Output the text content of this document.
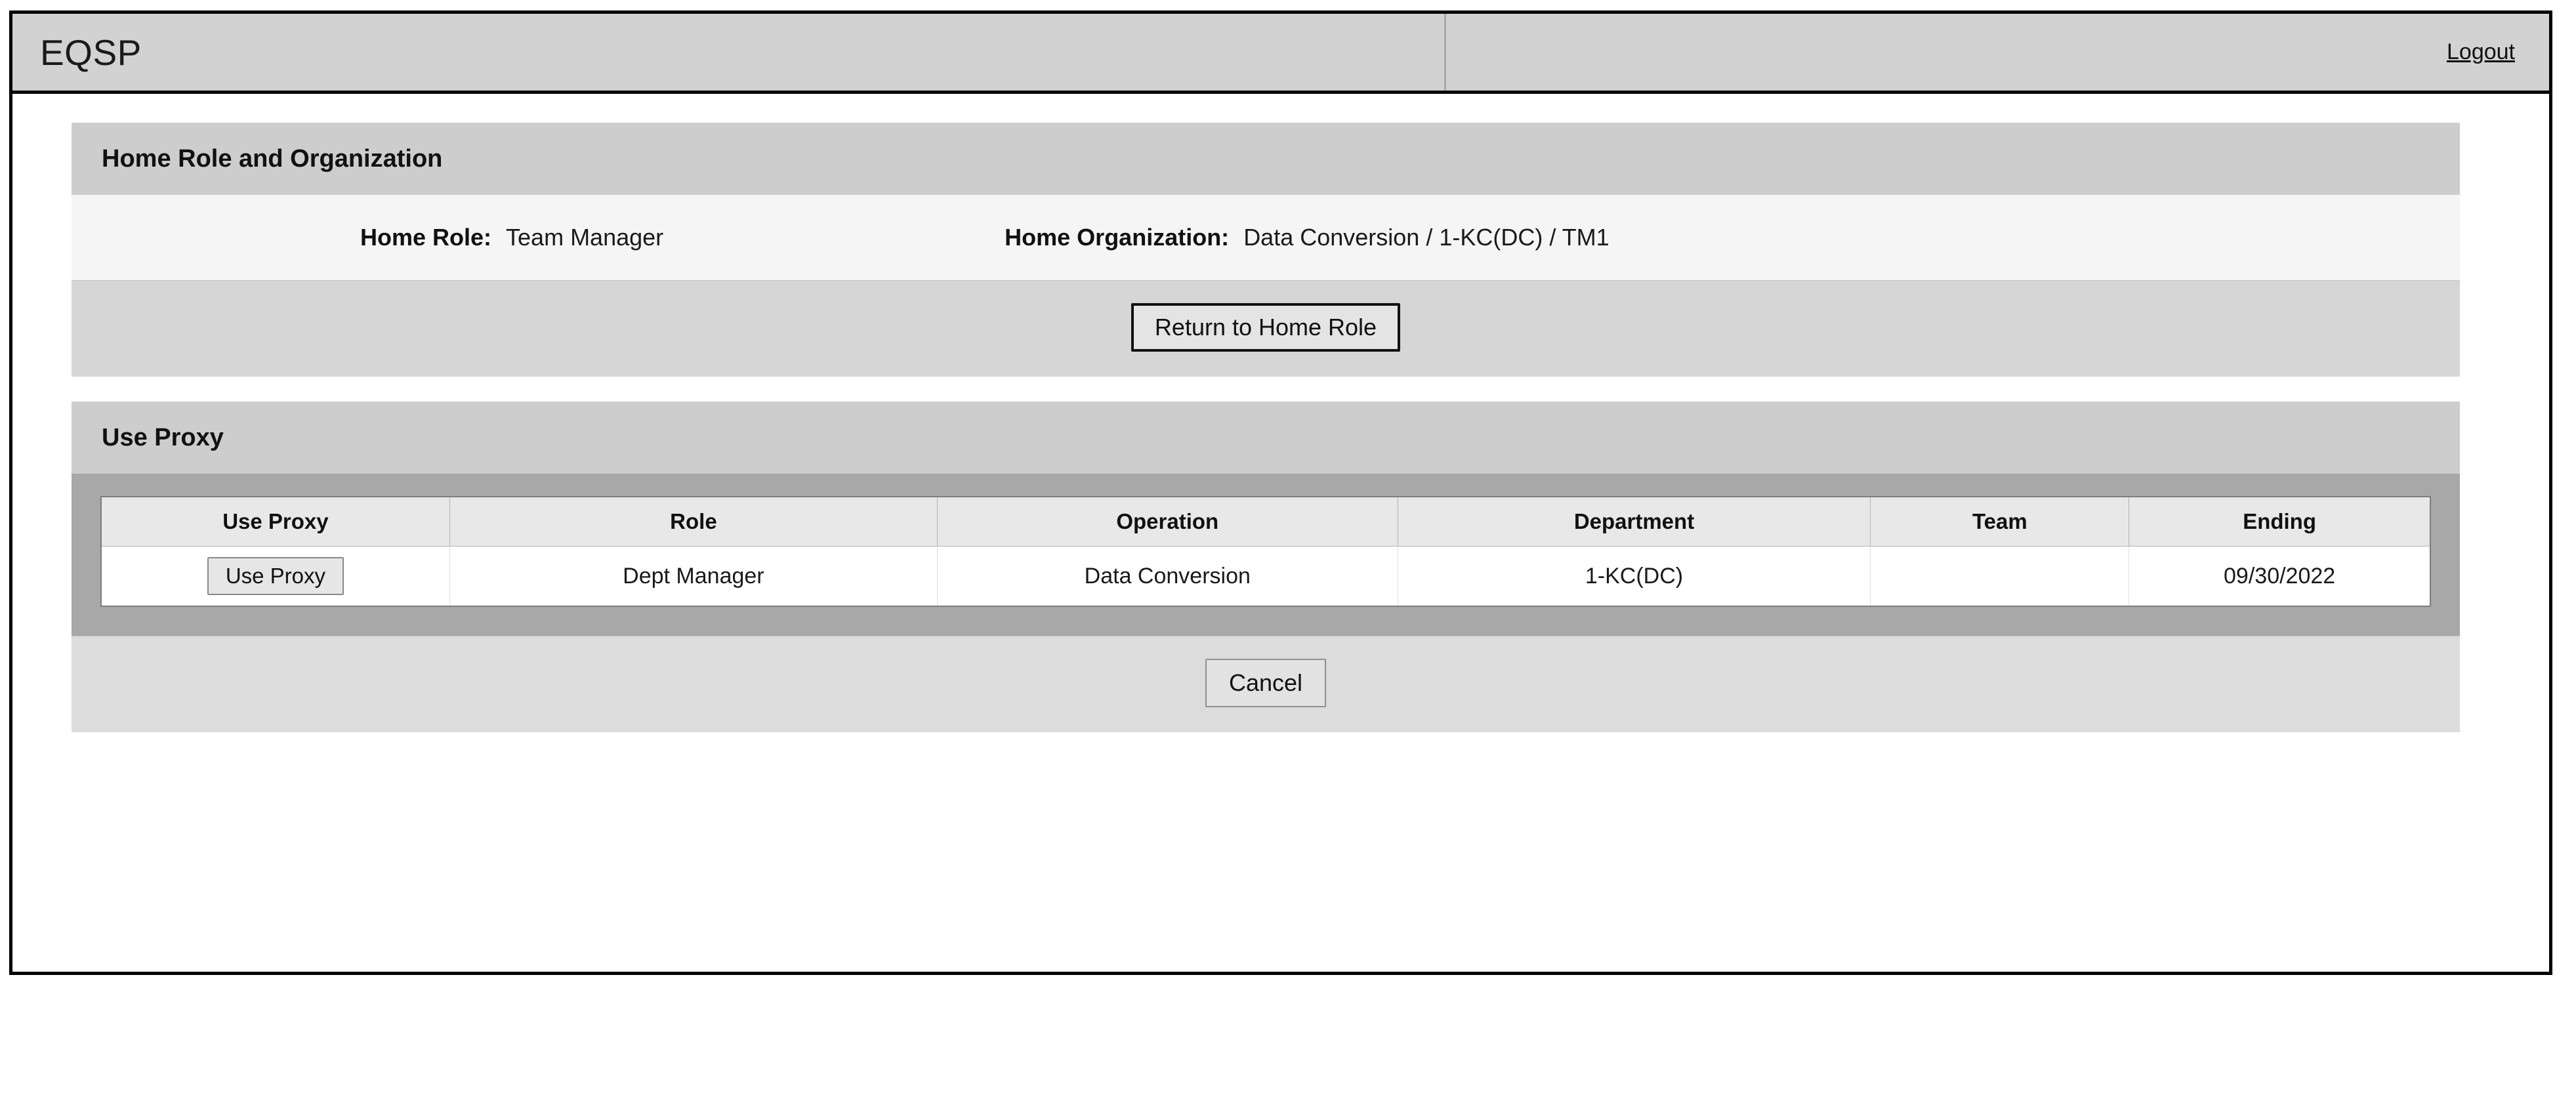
EQSP	Logout
Home Role and Organization
Home Role: Team Manager	Home Organization: Data Conversion / 1-KC(DC) / TM1
Return to Home Role
Use Proxy
Use Proxy	Role	Operation	Department	Team	Ending
Use Proxy	Dept Manager	Data Conversion	1-KC(DC)		09/30/2022
Cancel
